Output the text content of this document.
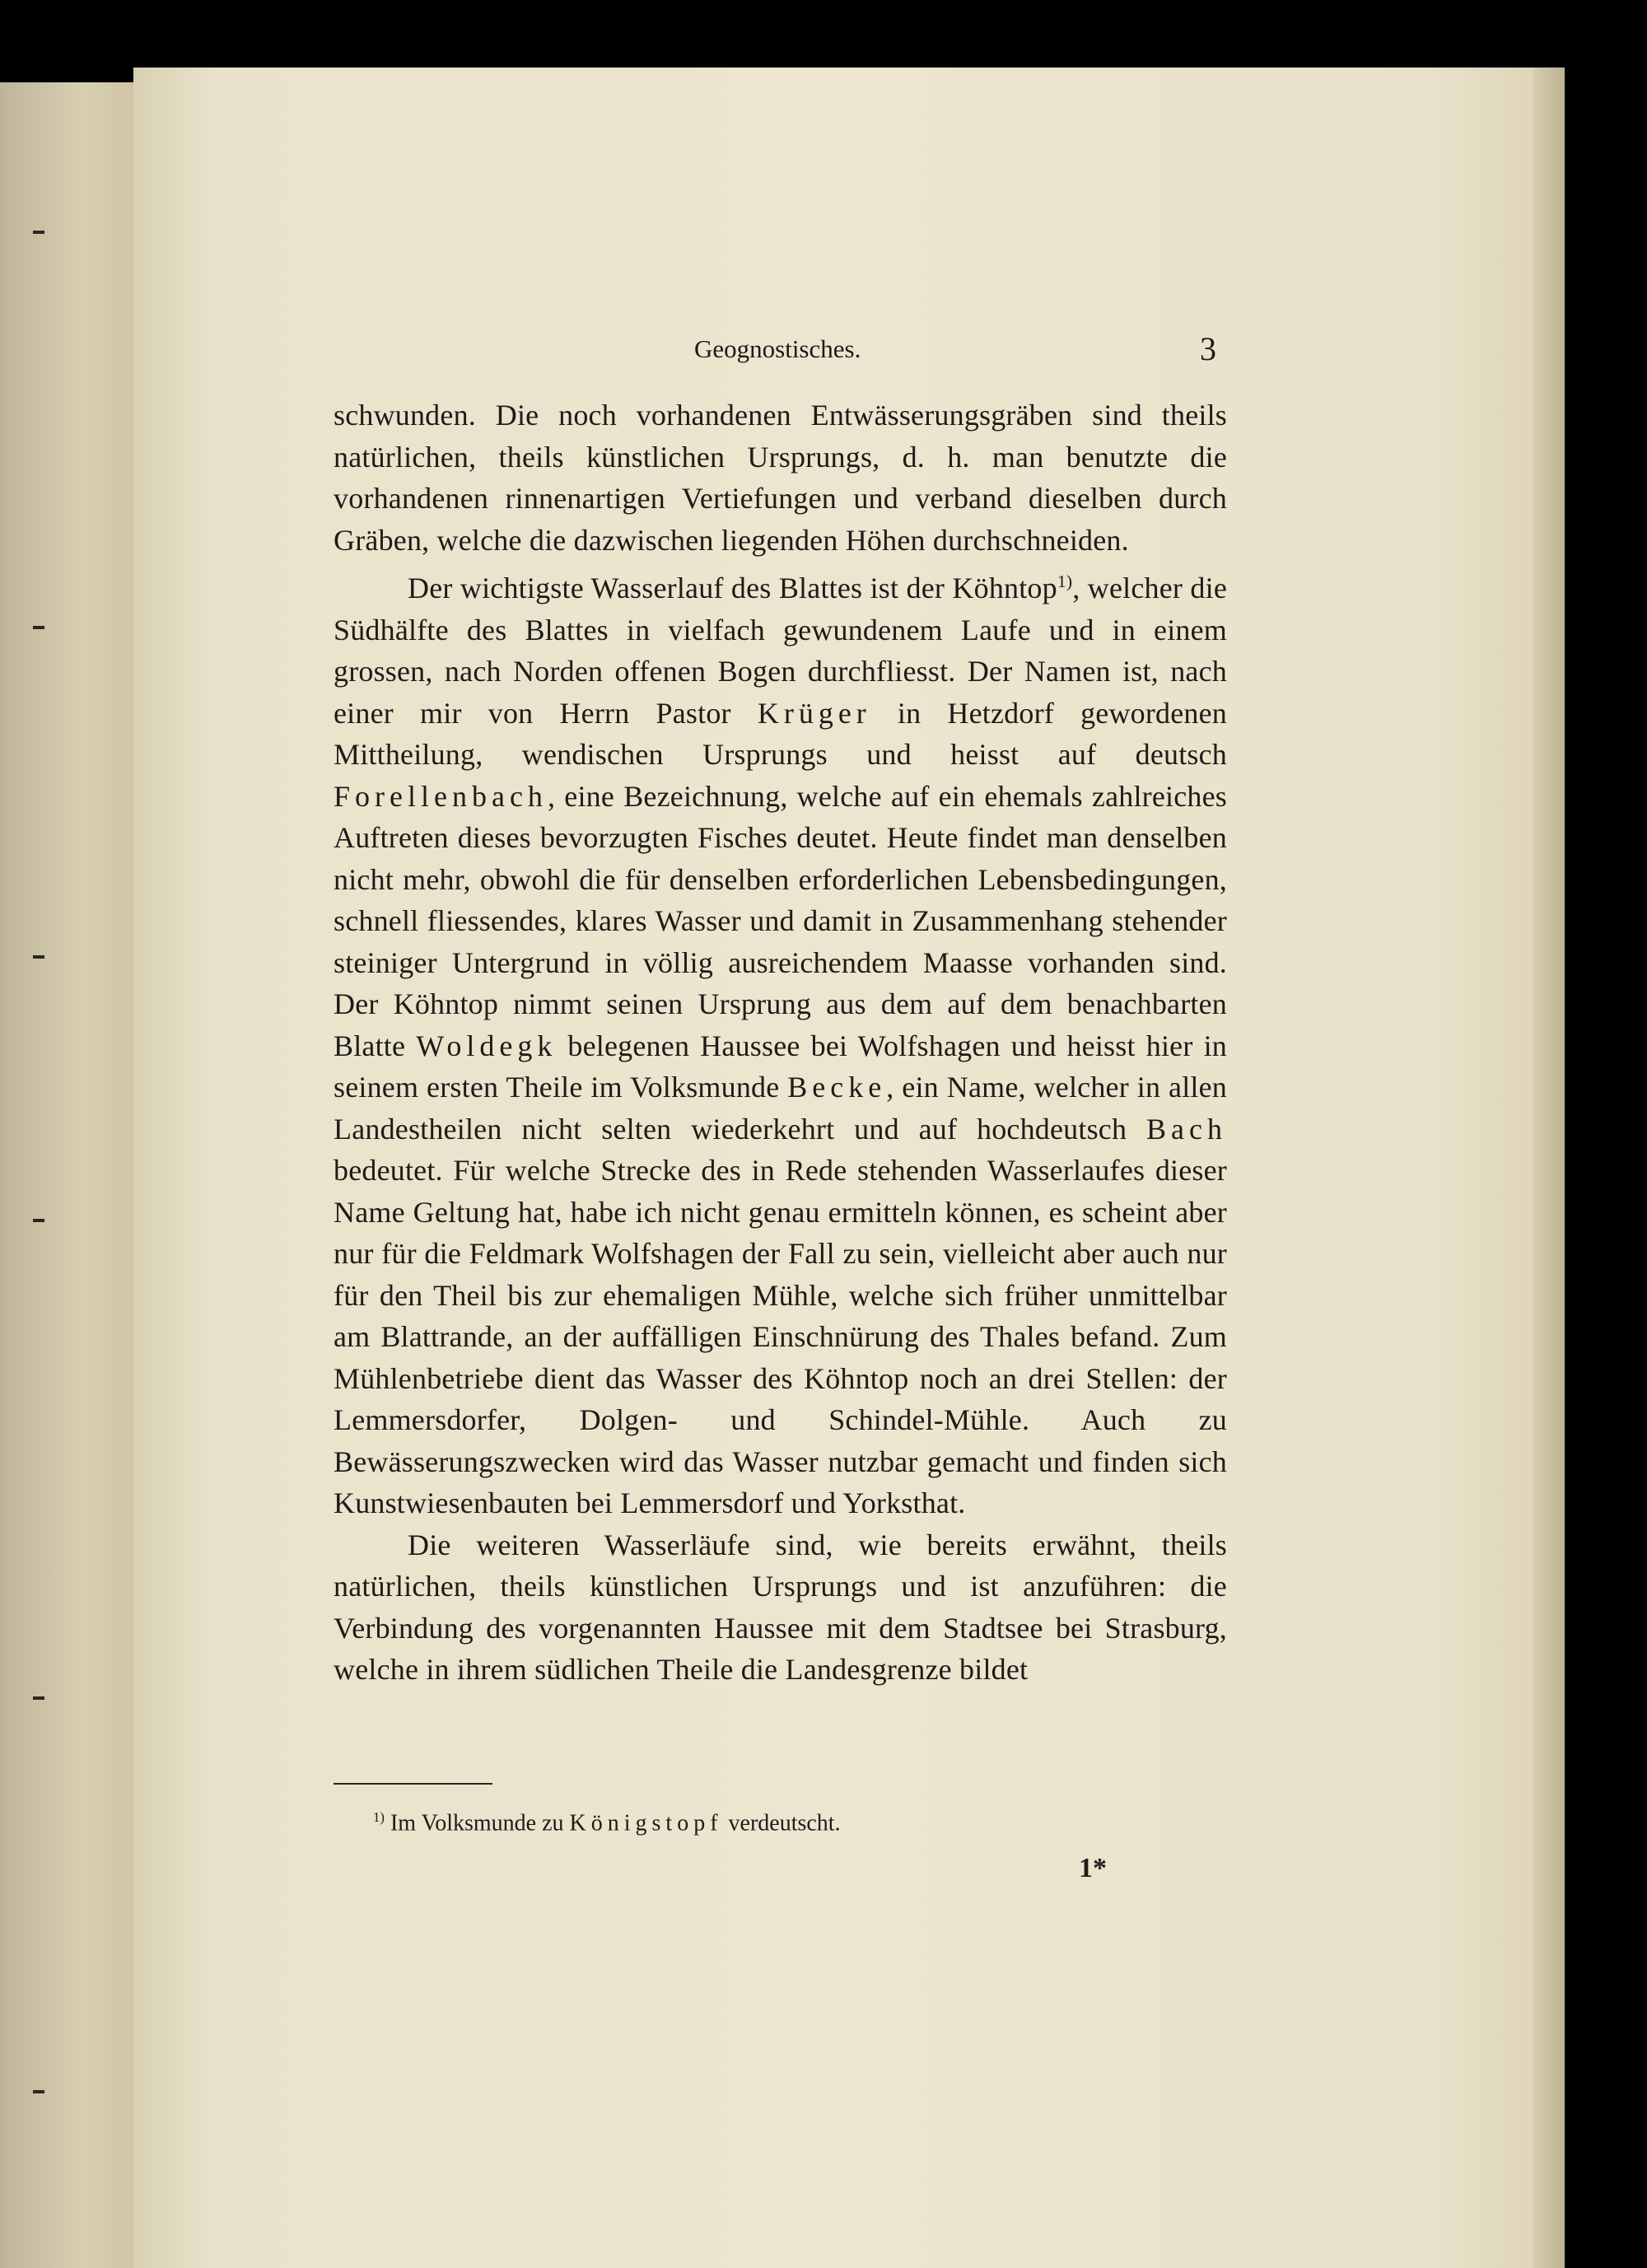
Geognostisches.	3

schwunden. Die noch vorhandenen Entwässerungsgräben sind theils natürlichen, theils künstlichen Ursprungs, d. h. man benutzte die vorhandenen rinnenartigen Vertiefungen und verband dieselben durch Gräben, welche die dazwischen liegenden Höhen durchschneiden.

Der wichtigste Wasserlauf des Blattes ist der Köhntop$^{1)}$, welcher die Südhälfte des Blattes in vielfach gewundenem Laufe und in einem grossen, nach Norden offenen Bogen durchfliesst. Der Namen ist, nach einer mir von Herrn Pastor Krüger in Hetzdorf gewordenen Mittheilung, wendischen Ursprungs und heisst auf deutsch Forellenbach, eine Bezeichnung, welche auf ein ehemals zahlreiches Auftreten dieses bevorzugten Fisches deutet. Heute findet man denselben nicht mehr, obwohl die für denselben erforderlichen Lebensbedingungen, schnell fliessendes, klares Wasser und damit in Zusammenhang stehender steiniger Untergrund in völlig ausreichendem Maasse vorhanden sind. Der Köhntop nimmt seinen Ursprung aus dem auf dem benachbarten Blatte Woldegk belegenen Haussee bei Wolfshagen und heisst hier in seinem ersten Theile im Volksmunde Becke, ein Name, welcher in allen Landestheilen nicht selten wiederkehrt und auf hochdeutsch Bach bedeutet. Für welche Strecke des in Rede stehenden Wasserlaufes dieser Name Geltung hat, habe ich nicht genau ermitteln können, es scheint aber nur für die Feldmark Wolfshagen der Fall zu sein, vielleicht aber auch nur für den Theil bis zur ehemaligen Mühle, welche sich früher unmittelbar am Blattrande, an der auffälligen Einschnürung des Thales befand. Zum Mühlenbetriebe dient das Wasser des Köhntop noch an drei Stellen: der Lemmersdorfer, Dolgen- und Schindel-Mühle. Auch zu Bewässerungszwecken wird das Wasser nutzbar gemacht und finden sich Kunstwiesenbauten bei Lemmersdorf und Yorksthat.

Die weiteren Wasserläufe sind, wie bereits erwähnt, theils natürlichen, theils künstlichen Ursprungs und ist anzuführen: die Verbindung des vorgenannten Haussee mit dem Stadtsee bei Strasburg, welche in ihrem südlichen Theile die Landesgrenze bildet

$^{1)}$ Im Volksmunde zu Königstopf verdeutscht.
1*
